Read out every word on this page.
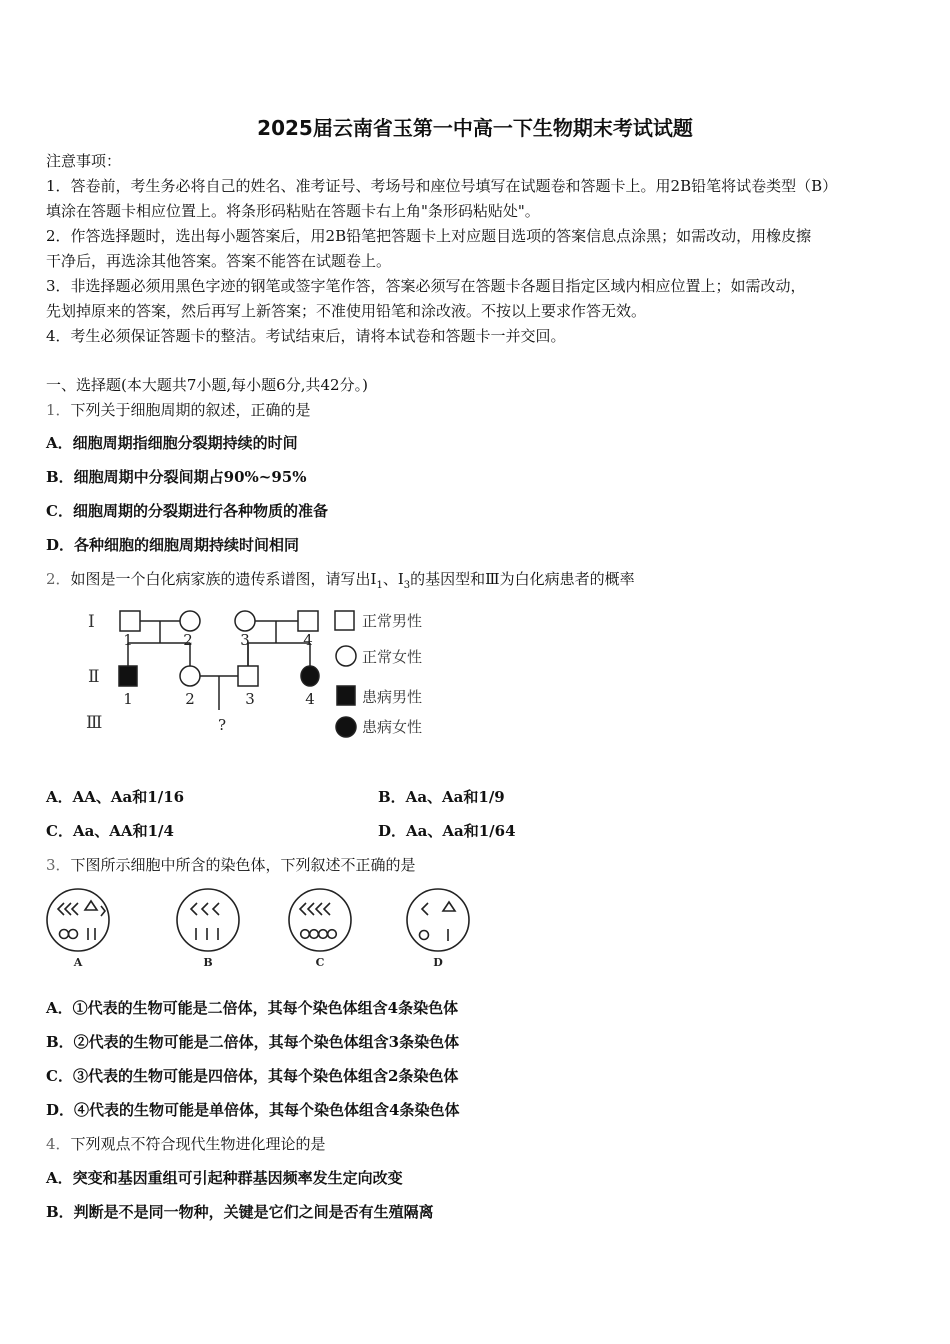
2025届云南省玉第一中高一下生物期末考试试题
注意事项：
1．答卷前，考生务必将自己的姓名、准考证号、考场号和座位号填写在试题卷和答题卡上。用2B铅笔将试卷类型（B）
填涂在答题卡相应位置上。将条形码粘贴在答题卡右上角"条形码粘贴处"。
2．作答选择题时，选出每小题答案后，用2B铅笔把答题卡上对应题目选项的答案信息点涂黑；如需改动，用橡皮擦
干净后，再选涂其他答案。答案不能答在试题卷上。
3．非选择题必须用黑色字迹的钢笔或签字笔作答，答案必须写在答题卡各题目指定区域内相应位置上；如需改动，
先划掉原来的答案，然后再写上新答案；不准使用铅笔和涂改液。不按以上要求作答无效。
4．考生必须保证答题卡的整洁。考试结束后，请将本试卷和答题卡一并交回。
一、选择题(本大题共7小题,每小题6分,共42分。)
1．下列关于细胞周期的叙述，正确的是
A．细胞周期指细胞分裂期持续的时间
B．细胞周期中分裂间期占90%~95%
C．细胞周期的分裂期进行各种物质的准备
D．各种细胞的细胞周期持续时间相同
2．如图是一个白化病家族的遗传系谱图，请写出$Ⅰ_1$、$Ⅰ_3$的基因型和Ⅲ为白化病患者的概率
Ⅰ
Ⅱ
Ⅲ
1	2	3	4
1	2	3	4
?
正常男性
正常女性
患病男性
患病女性
A．AA、Aa和1/16	B．Aa、Aa和1/9
C．Aa、AA和1/4	D．Aa、Aa和1/64
3．下图所示细胞中所含的染色体，下列叙述不正确的是
A	B	C	D
A．①代表的生物可能是二倍体，其每个染色体组含4条染色体
B．②代表的生物可能是二倍体，其每个染色体组含3条染色体
C．③代表的生物可能是四倍体，其每个染色体组含2条染色体
D．④代表的生物可能是单倍体，其每个染色体组含4条染色体
4．下列观点不符合现代生物进化理论的是
A．突变和基因重组可引起种群基因频率发生定向改变
B．判断是不是同一物种，关键是它们之间是否有生殖隔离
